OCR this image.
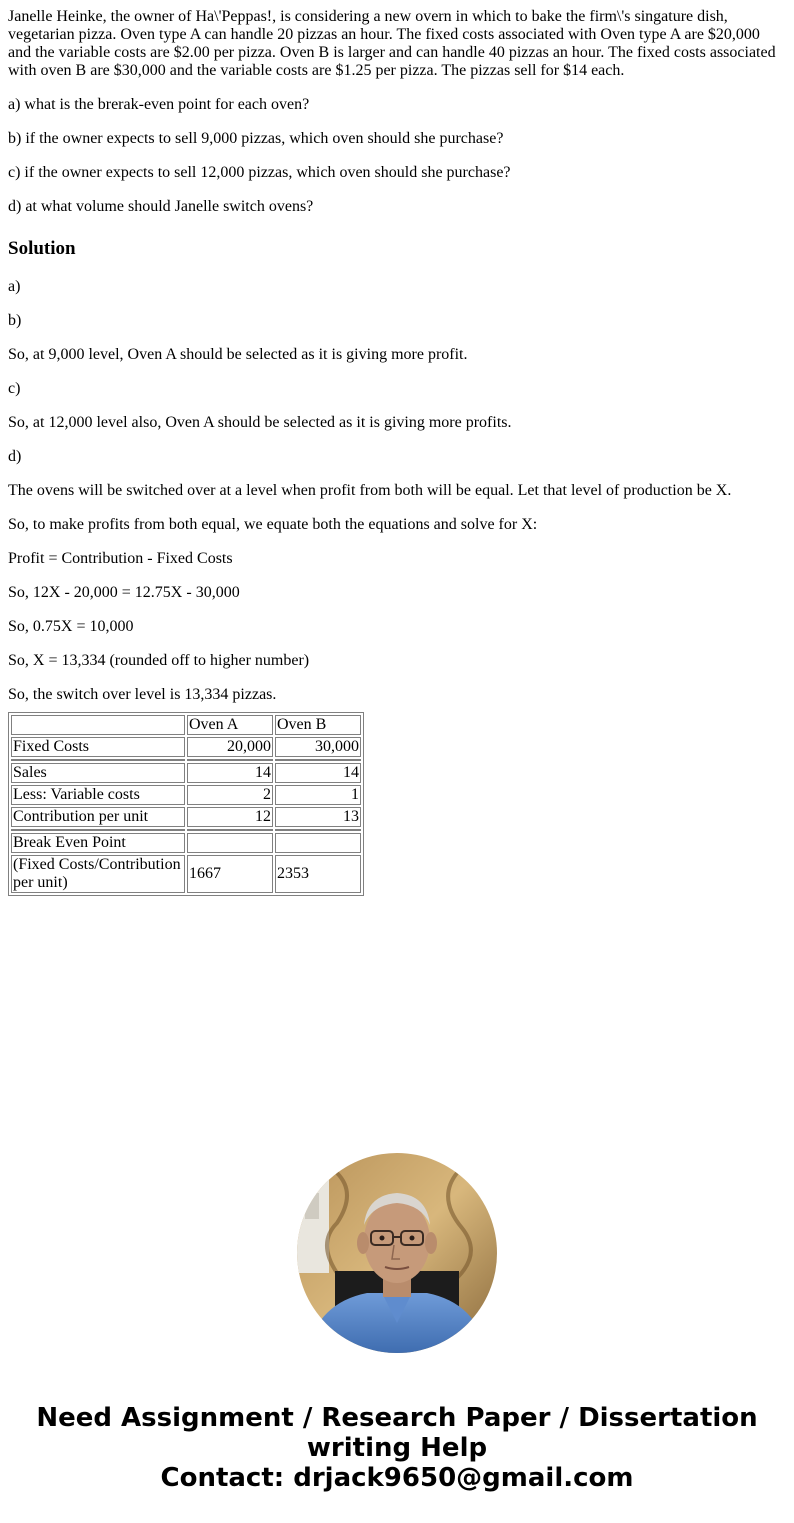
Janelle Heinke, the owner of Ha\'Peppas!, is considering a new overn in which to bake the firm\'s singature dish, vegetarian pizza. Oven type A can handle 20 pizzas an hour. The fixed costs associated with Oven type A are $20,000 and the variable costs are $2.00 per pizza. Oven B is larger and can handle 40 pizzas an hour. The fixed costs associated with oven B are $30,000 and the variable costs are $1.25 per pizza. The pizzas sell for $14 each.

a) what is the brerak-even point for each oven?

b) if the owner expects to sell 9,000 pizzas, which oven should she purchase?

c) if the owner expects to sell 12,000 pizzas, which oven should she purchase?

d) at what volume should Janelle switch ovens?

Solution

a)

b)

So, at 9,000 level, Oven A should be selected as it is giving more profit.

c)

So, at 12,000 level also, Oven A should be selected as it is giving more profits.

d)

The ovens will be switched over at a level when profit from both will be equal. Let that level of production be X.

So, to make profits from both equal, we equate both the equations and solve for X:

Profit = Contribution - Fixed Costs

So, 12X - 20,000 = 12.75X - 30,000

So, 0.75X = 10,000

So, X = 13,334 (rounded off to higher number)

So, the switch over level is 13,334 pizzas.

	Oven A	Oven B
Fixed Costs	20,000	30,000

Sales	14	14
Less: Variable costs	2	1
Contribution per unit	12	13

Break Even Point		
(Fixed Costs/Contribution per unit)	1667	2353
Need Assignment / Research Paper / Dissertation writing Help
Contact: drjack9650@gmail.com
